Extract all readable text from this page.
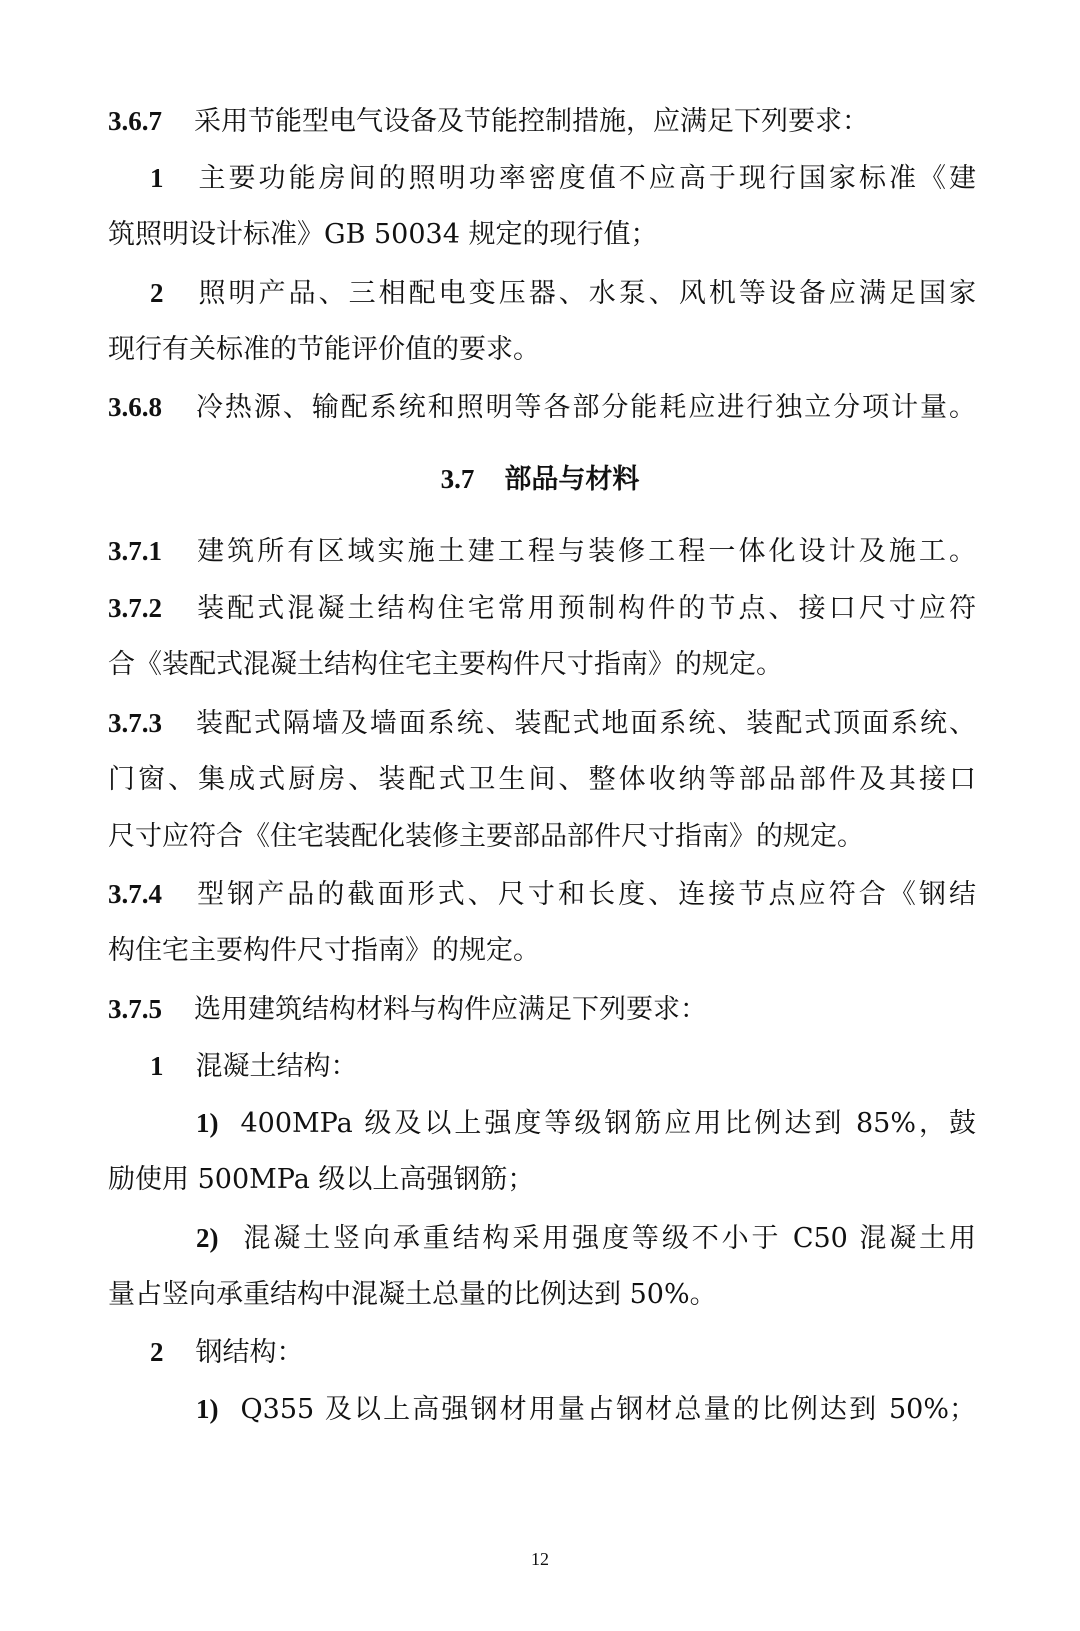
3.6.7 采用节能型电气设备及节能控制措施，应满足下列要求：
1 主要功能房间的照明功率密度值不应高于现行国家标准《建
筑照明设计标准》GB 50034 规定的现行值；
2 照明产品、三相配电变压器、水泵、风机等设备应满足国家
现行有关标准的节能评价值的要求。
3.6.8 冷热源、输配系统和照明等各部分能耗应进行独立分项计量。
3.7 部品与材料
3.7.1 建筑所有区域实施土建工程与装修工程一体化设计及施工。
3.7.2 装配式混凝土结构住宅常用预制构件的节点、接口尺寸应符
合《装配式混凝土结构住宅主要构件尺寸指南》的规定。
3.7.3 装配式隔墙及墙面系统、装配式地面系统、装配式顶面系统、
门窗、集成式厨房、装配式卫生间、整体收纳等部品部件及其接口
尺寸应符合《住宅装配化装修主要部品部件尺寸指南》的规定。
3.7.4 型钢产品的截面形式、尺寸和长度、连接节点应符合《钢结
构住宅主要构件尺寸指南》的规定。
3.7.5 选用建筑结构材料与构件应满足下列要求：
1 混凝土结构：
1) 400MPa 级及以上强度等级钢筋应用比例达到 85%，鼓
励使用 500MPa 级以上高强钢筋；
2) 混凝土竖向承重结构采用强度等级不小于 C50 混凝土用
量占竖向承重结构中混凝土总量的比例达到 50%。
2 钢结构：
1) Q355 及以上高强钢材用量占钢材总量的比例达到 50%；
12
